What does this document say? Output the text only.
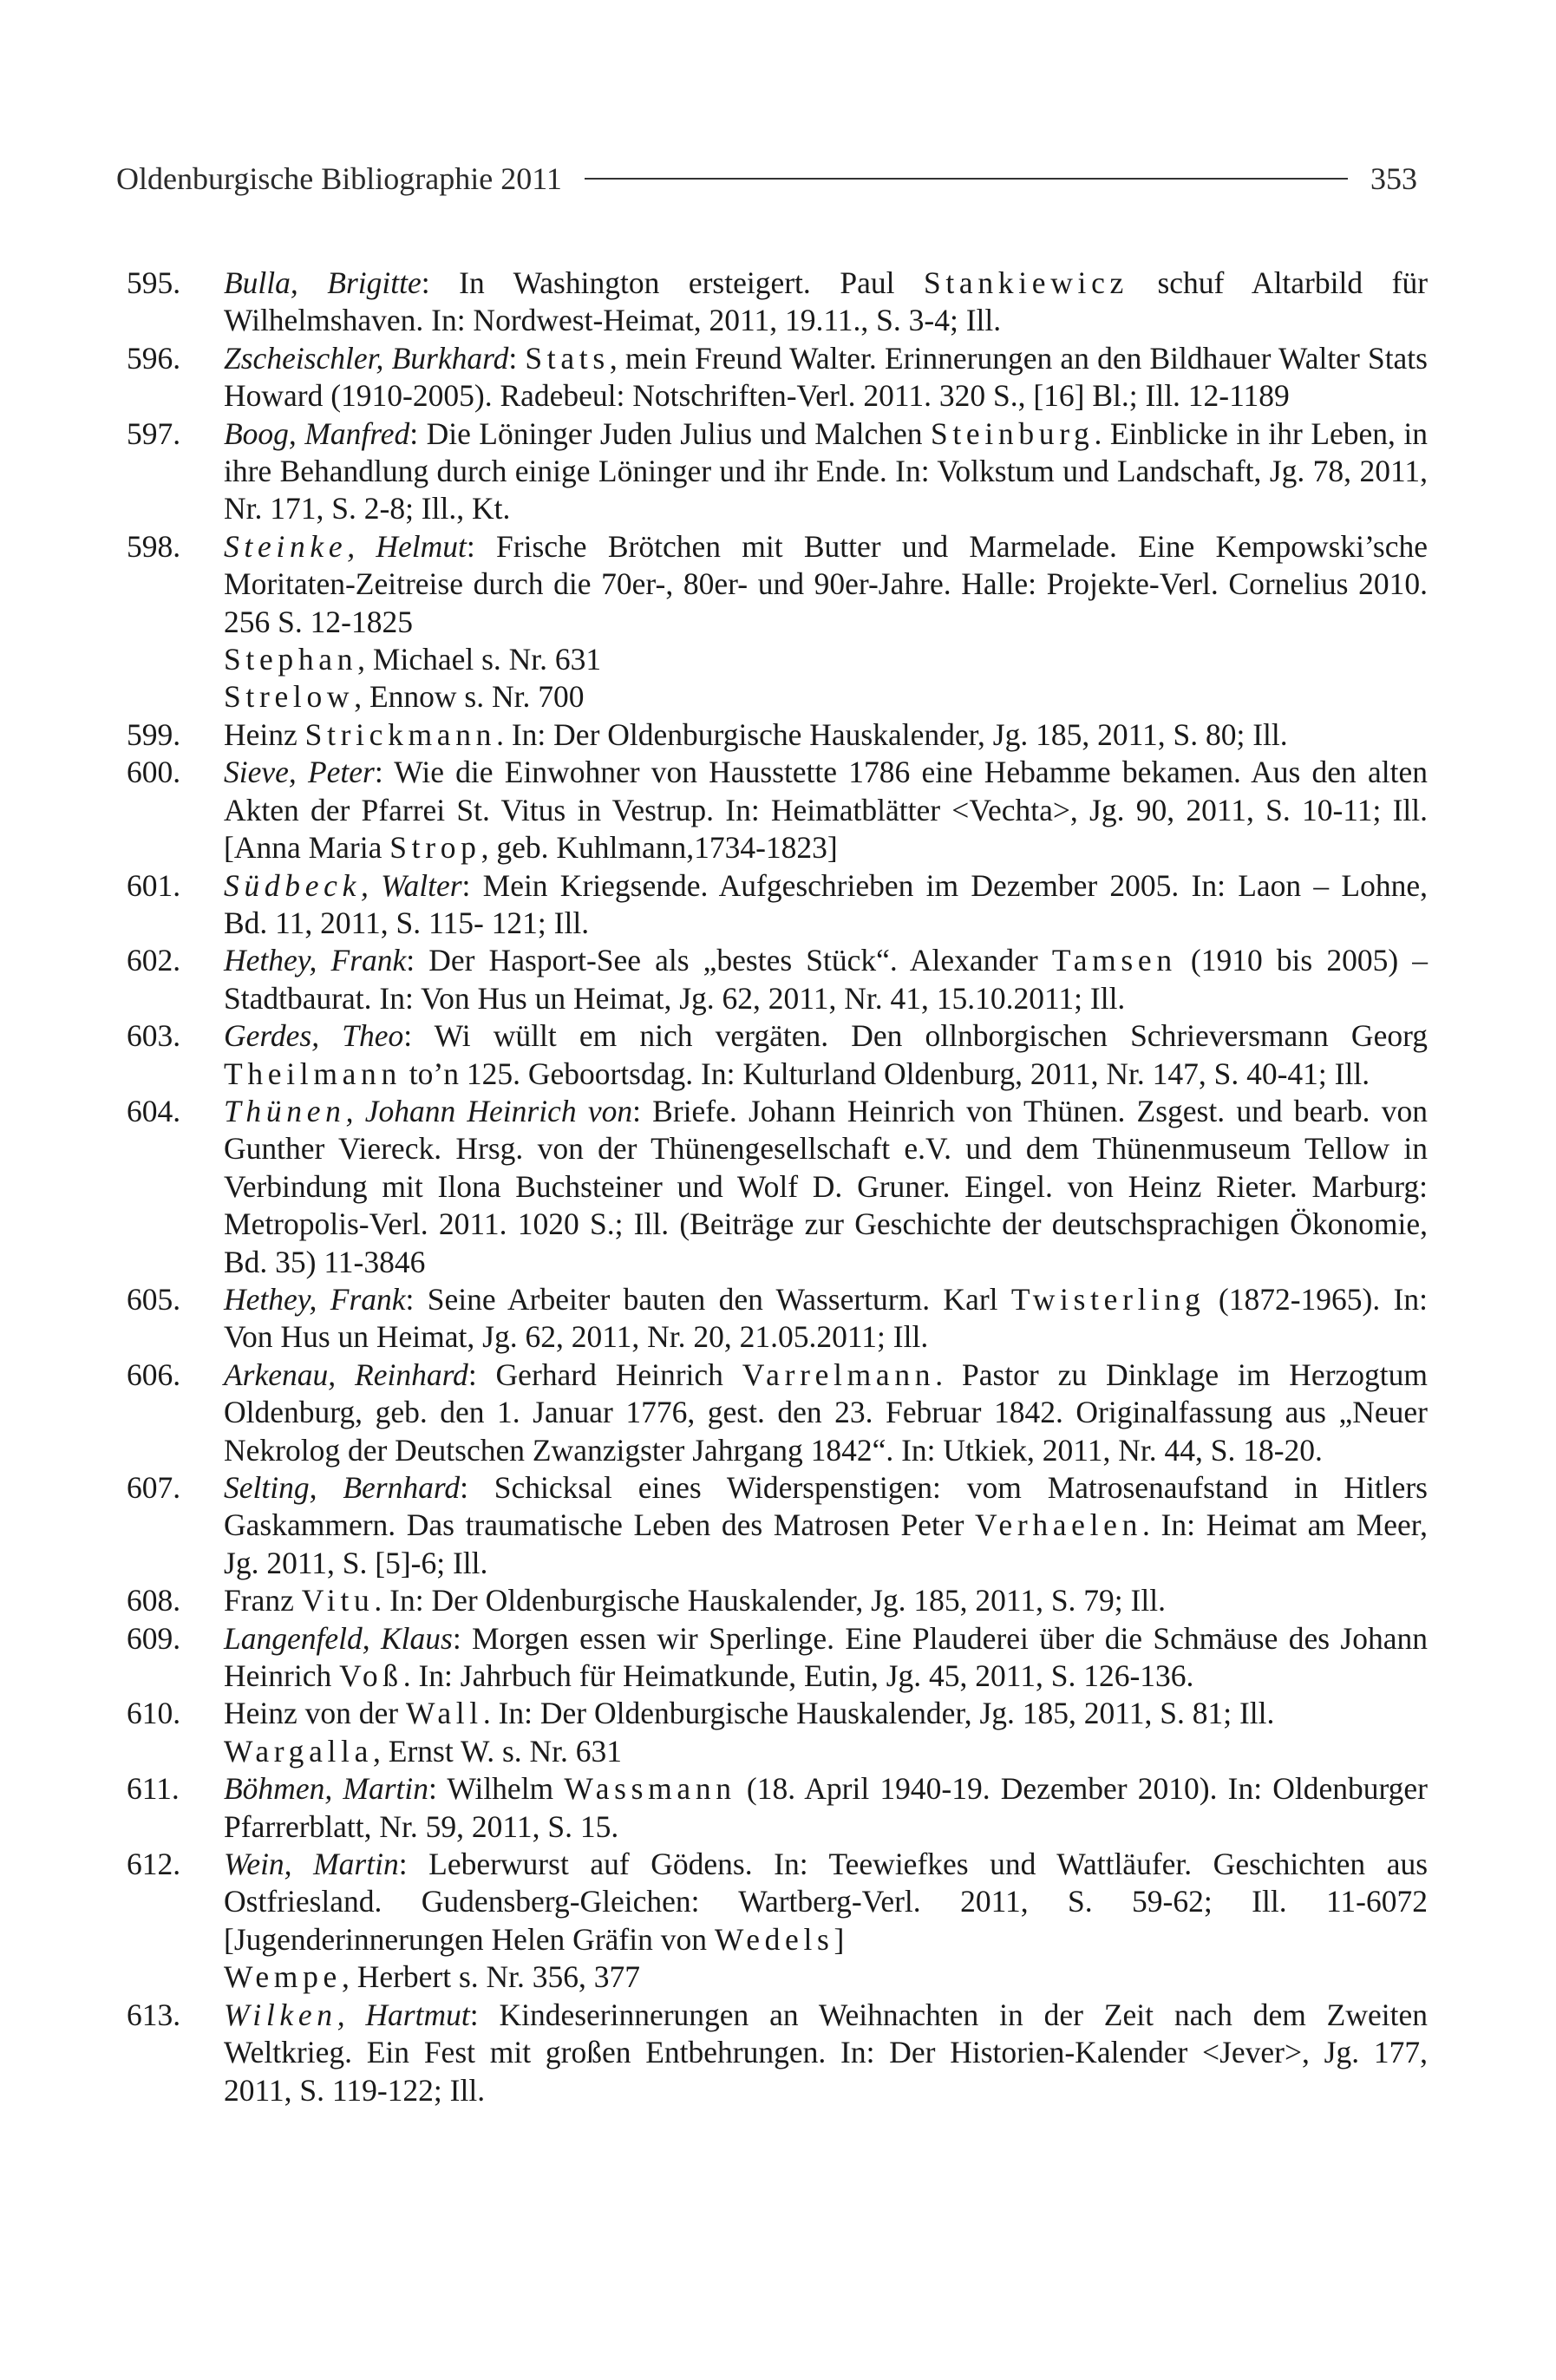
Oldenburgische Bibliographie 2011	353
595.	Bulla, Brigitte: In Washington ersteigert. Paul Stankiewicz schuf Altarbild für Wilhelmshaven. In: Nordwest-Heimat, 2011, 19.11., S. 3-4; Ill.
596.	Zscheischler, Burkhard: Stats, mein Freund Walter. Erinnerungen an den Bildhauer Walter Stats Howard (1910-2005). Radebeul: Notschriften-Verl. 2011. 320 S., [16] Bl.; Ill. 12-1189
597.	Boog, Manfred: Die Löninger Juden Julius und Malchen Steinburg. Einblicke in ihr Leben, in ihre Behandlung durch einige Löninger und ihr Ende. In: Volkstum und Landschaft, Jg. 78, 2011, Nr. 171, S. 2-8; Ill., Kt.
598.	Steinke, Helmut: Frische Brötchen mit Butter und Marmelade. Eine Kempowski’sche Moritaten-Zeitreise durch die 70er-, 80er- und 90er-Jahre. Halle: Projekte-Verl. Cornelius 2010. 256 S. 12-1825
Stephan, Michael s. Nr. 631
Strelow, Ennow s. Nr. 700
599.	Heinz Strickmann. In: Der Oldenburgische Hauskalender, Jg. 185, 2011, S. 80; Ill.
600.	Sieve, Peter: Wie die Einwohner von Hausstette 1786 eine Hebamme bekamen. Aus den alten Akten der Pfarrei St. Vitus in Vestrup. In: Heimatblätter <Vechta>, Jg. 90, 2011, S. 10-11; Ill. [Anna Maria Strop, geb. Kuhlmann,1734-1823]
601.	Südbeck, Walter: Mein Kriegsende. Aufgeschrieben im Dezember 2005. In: Laon – Lohne, Bd. 11, 2011, S. 115- 121; Ill.
602.	Hethey, Frank: Der Hasport-See als „bestes Stück“. Alexander Tamsen (1910 bis 2005) – Stadtbaurat. In: Von Hus un Heimat, Jg. 62, 2011, Nr. 41, 15.10.2011; Ill.
603.	Gerdes, Theo: Wi wüllt em nich vergäten. Den ollnborgischen Schrieversmann Georg Theilmann to’n 125. Geboortsdag. In: Kulturland Oldenburg, 2011, Nr. 147, S. 40-41; Ill.
604.	Thünen, Johann Heinrich von: Briefe. Johann Heinrich von Thünen. Zsgest. und bearb. von Gunther Viereck. Hrsg. von der Thünengesellschaft e.V. und dem Thünenmuseum Tellow in Verbindung mit Ilona Buchsteiner und Wolf D. Gruner. Eingel. von Heinz Rieter. Marburg: Metropolis-Verl. 2011. 1020 S.; Ill. (Beiträge zur Geschichte der deutschsprachigen Ökonomie, Bd. 35) 11-3846
605.	Hethey, Frank: Seine Arbeiter bauten den Wasserturm. Karl Twisterling (1872-1965). In: Von Hus un Heimat, Jg. 62, 2011, Nr. 20, 21.05.2011; Ill.
606.	Arkenau, Reinhard: Gerhard Heinrich Varrelmann. Pastor zu Dinklage im Herzogtum Oldenburg, geb. den 1. Januar 1776, gest. den 23. Februar 1842. Originalfassung aus „Neuer Nekrolog der Deutschen Zwanzigster Jahrgang 1842“. In: Utkiek, 2011, Nr. 44, S. 18-20.
607.	Selting, Bernhard: Schicksal eines Widerspenstigen: vom Matrosenaufstand in Hitlers Gaskammern. Das traumatische Leben des Matrosen Peter Verhaelen. In: Heimat am Meer, Jg. 2011, S. [5]-6; Ill.
608.	Franz Vitu. In: Der Oldenburgische Hauskalender, Jg. 185, 2011, S. 79; Ill.
609.	Langenfeld, Klaus: Morgen essen wir Sperlinge. Eine Plauderei über die Schmäuse des Johann Heinrich Voß. In: Jahrbuch für Heimatkunde, Eutin, Jg. 45, 2011, S. 126-136.
610.	Heinz von der Wall. In: Der Oldenburgische Hauskalender, Jg. 185, 2011, S. 81; Ill.
Wargalla, Ernst W. s. Nr. 631
611.	Böhmen, Martin: Wilhelm Wassmann (18. April 1940-19. Dezember 2010). In: Oldenburger Pfarrerblatt, Nr. 59, 2011, S. 15.
612.	Wein, Martin: Leberwurst auf Gödens. In: Teewiefkes und Wattläufer. Geschichten aus Ostfriesland. Gudensberg-Gleichen: Wartberg-Verl. 2011, S. 59-62; Ill. 11-6072 [Jugenderinnerungen Helen Gräfin von Wedels]
Wempe, Herbert s. Nr. 356, 377
613.	Wilken, Hartmut: Kindeserinnerungen an Weihnachten in der Zeit nach dem Zweiten Weltkrieg. Ein Fest mit großen Entbehrungen. In: Der Historien-Kalender <Jever>, Jg. 177, 2011, S. 119-122; Ill.
